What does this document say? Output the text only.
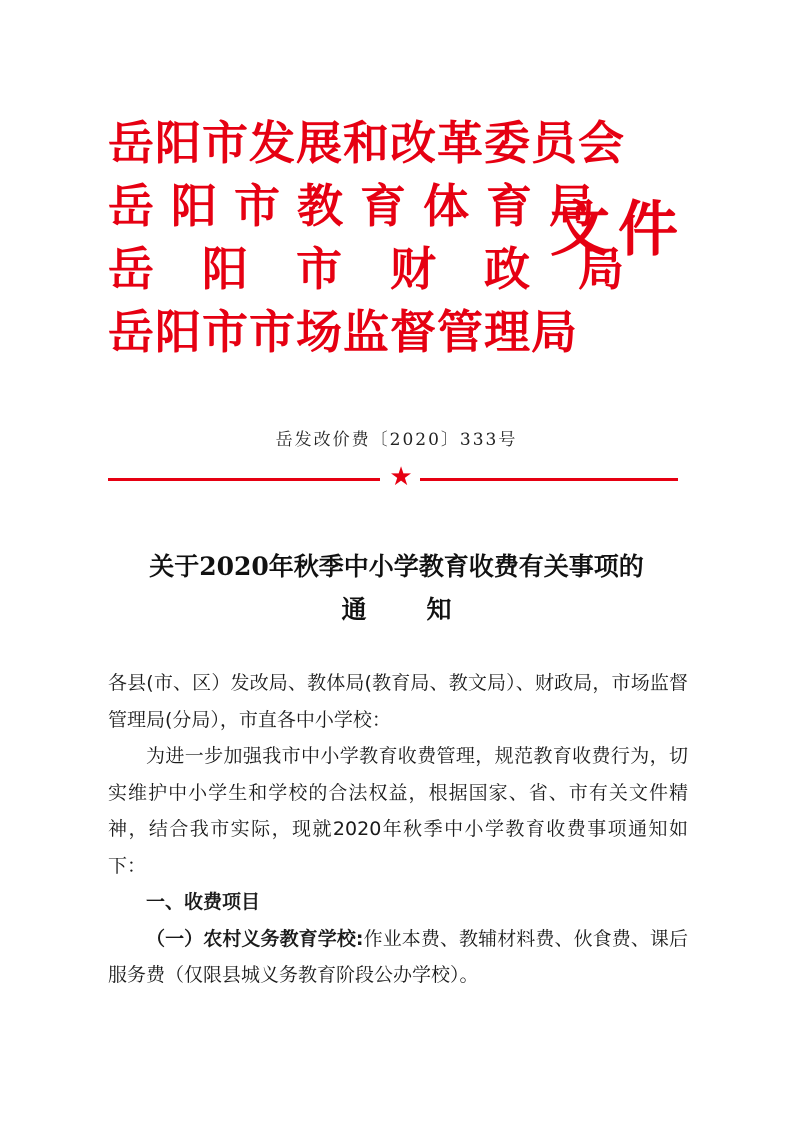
岳阳市发展和改革委员会
岳阳市教育体育局
岳阳市财政局
岳阳市市场监督管理局
文件
岳发改价费〔2020〕333号
★
关于2020年秋季中小学教育收费有关事项的
通知

各县(市、区）发改局、教体局(教育局、教文局）、财政局，市场监督管理局(分局），市直各中小学校：

为进一步加强我市中小学教育收费管理，规范教育收费行为，切实维护中小学生和学校的合法权益，根据国家、省、市有关文件精神，结合我市实际，现就2020年秋季中小学教育收费事项通知如下：

一、收费项目

（一）农村义务教育学校:作业本费、教辅材料费、伙食费、课后服务费（仅限县城义务教育阶段公办学校）。
